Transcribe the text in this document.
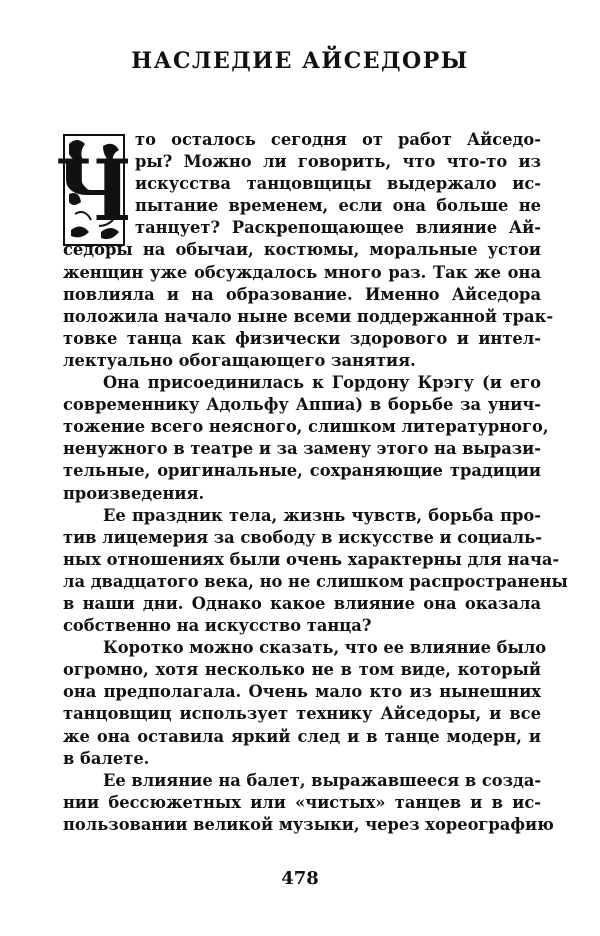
НАСЛЕДИЕ АЙСЕДОРЫ
Ч
то осталось сегодня от работ Айседо-
ры? Можно ли говорить, что что-то из
искусства танцовщицы выдержало ис-
пытание временем, если она больше не
танцует? Раскрепощающее влияние Ай-
седоры на обычаи, костюмы, моральные устои
женщин уже обсуждалось много раз. Так же она
повлияла и на образование. Именно Айседора
положила начало ныне всеми поддержанной трак-
товке танца как физически здорового и интел-
лектуально обогащающего занятия.
Она присоединилась к Гордону Крэгу (и его
современнику Адольфу Аппиа) в борьбе за унич-
тожение всего неясного, слишком литературного,
ненужного в театре и за замену этого на вырази-
тельные, оригинальные, сохраняющие традиции
произведения.
Ее праздник тела, жизнь чувств, борьба про-
тив лицемерия за свободу в искусстве и социаль-
ных отношениях были очень характерны для нача-
ла двадцатого века, но не слишком распространены
в наши дни. Однако какое влияние она оказала
собственно на искусство танца?
Коротко можно сказать, что ее влияние было
огромно, хотя несколько не в том виде, который
она предполагала. Очень мало кто из нынешних
танцовщиц использует технику Айседоры, и все
же она оставила яркий след и в танце модерн, и
в балете.
Ее влияние на балет, выражавшееся в созда-
нии бессюжетных или «чистых» танцев и в ис-
пользовании великой музыки, через хореографию
478
